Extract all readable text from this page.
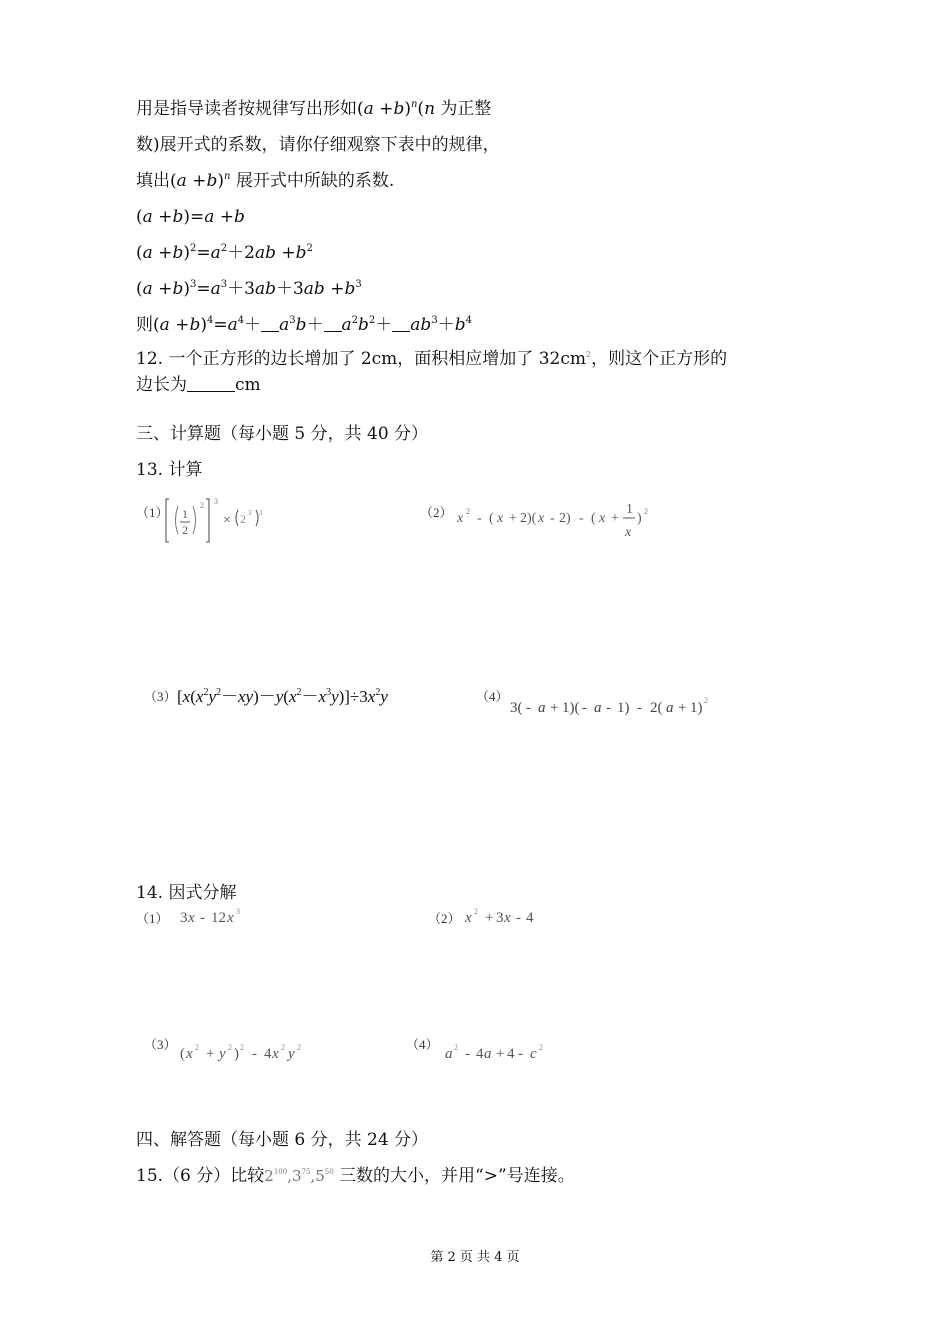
用是指导读者按规律写出形如$(a +b)^n(n$ 为正整
数)展开式的系数，请你仔细观察下表中的规律，
填出$(a +b)^n$ 展开式中所缺的系数.
(a +b)=a +b
$(a +b)^2=a^2+2ab +b^2$
$(a +b)^3=a^3+3ab+3ab +b^3$
则$(a +b)^4=a^4+ a^3b+ a^2b^2+ ab^3+b^4$
12. 一个正方形的边长增加了 2cm，面积相应增加了 $32cm^2$，则这个正方形的
边长为	cm
三、计算题（每小题 5 分，共 40 分）
13. 计算
（1） 1
2
2 3
× 2 3 3	（2） x 2 - ( x + 2)( x - 2) - ( x +
1
x
) 2
（3） $[x(x^2y^2-xy)-y(x^2-x^3y)]\div 3x^2y$	（4）
3( - a + 1)( - a - 1) - 2( a + 1) 2
14. 因式分解
（1） 3 x - 12 x 3	（2） x 2 + 3 x - 4
（3）
( x 2 + y 2 ) 2 - 4 x 2 y 2	（4）
a 2 - 4 a + 4 - c 2
四、解答题（每小题 6 分，共 24 分）
15.（6 分）比较$2^{100},3^{75},5^{50}$ 三数的大小，并用“>”号连接。
第 2 页 共 4 页
